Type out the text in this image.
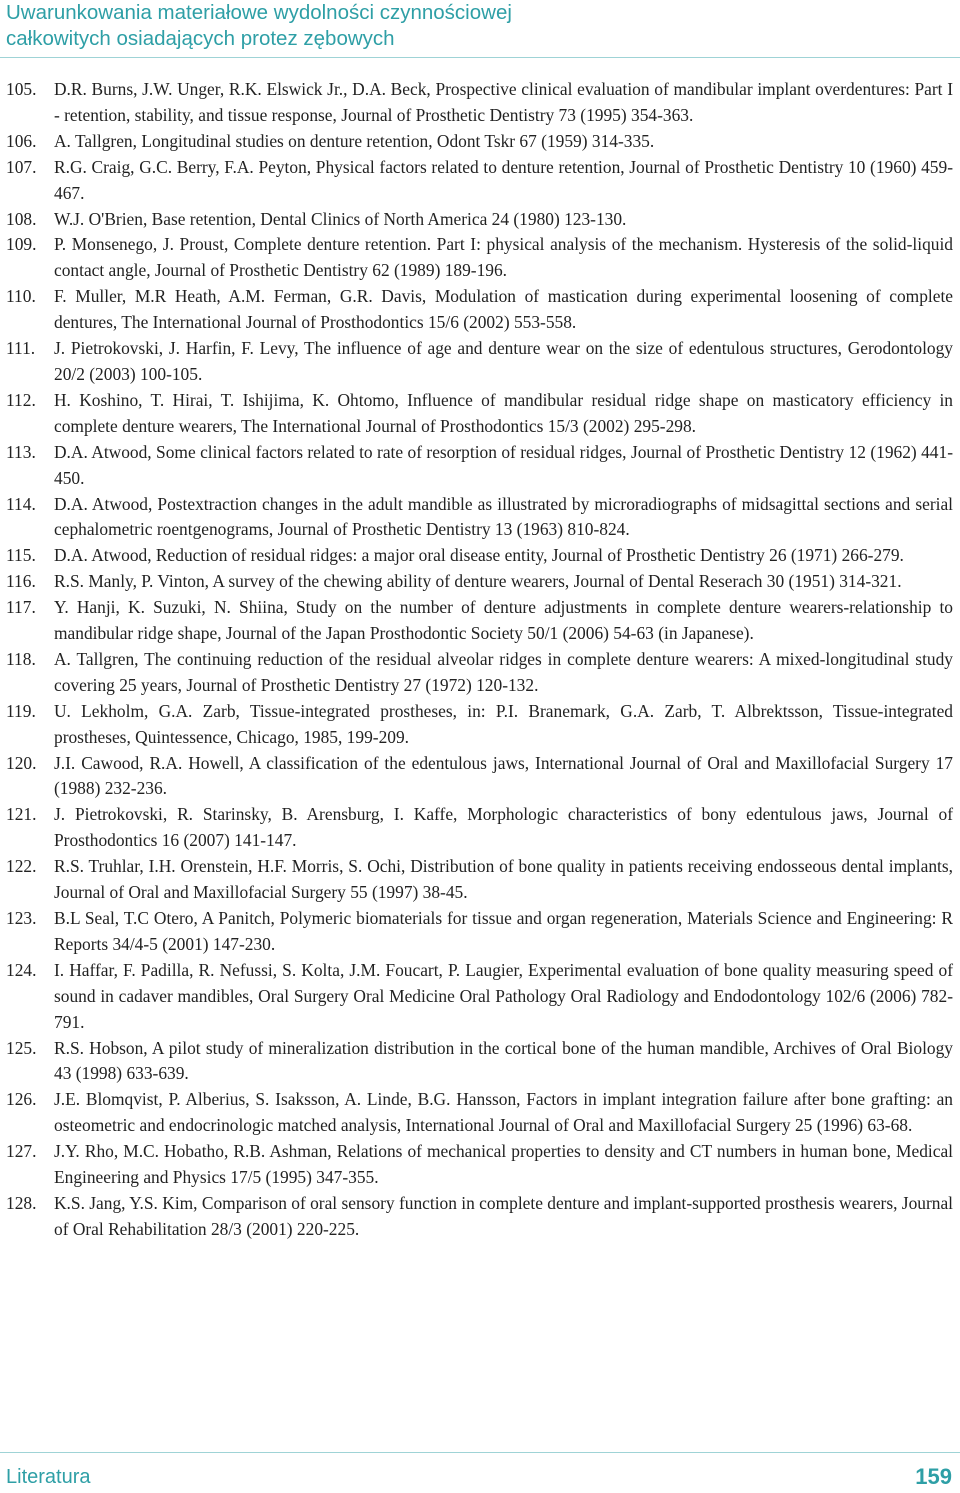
Uwarunkowania materiałowe wydolności czynnościowej
całkowitych osiadających protez zębowych
105. D.R. Burns, J.W. Unger, R.K. Elswick Jr., D.A. Beck, Prospective clinical evaluation of mandibular implant overdentures: Part I - retention, stability, and tissue response, Journal of Prosthetic Dentistry 73 (1995) 354-363.
106. A. Tallgren, Longitudinal studies on denture retention, Odont Tskr 67 (1959) 314-335.
107. R.G. Craig, G.C. Berry, F.A. Peyton, Physical factors related to denture retention, Journal of Prosthetic Dentistry 10 (1960) 459-467.
108. W.J. O'Brien, Base retention, Dental Clinics of North America 24 (1980) 123-130.
109. P. Monsenego, J. Proust, Complete denture retention. Part I: physical analysis of the mechanism. Hysteresis of the solid-liquid contact angle, Journal of Prosthetic Dentistry 62 (1989) 189-196.
110. F. Muller, M.R Heath, A.M. Ferman, G.R. Davis, Modulation of mastication during experimental loosening of complete dentures, The International Journal of Prosthodontics 15/6 (2002) 553-558.
111. J. Pietrokovski, J. Harfin, F. Levy, The influence of age and denture wear on the size of edentulous structures, Gerodontology 20/2 (2003) 100-105.
112. H. Koshino, T. Hirai, T. Ishijima, K. Ohtomo, Influence of mandibular residual ridge shape on masticatory efficiency in complete denture wearers, The International Journal of Prosthodontics 15/3 (2002) 295-298.
113. D.A. Atwood, Some clinical factors related to rate of resorption of residual ridges, Journal of Prosthetic Dentistry 12 (1962) 441-450.
114. D.A. Atwood, Postextraction changes in the adult mandible as illustrated by microradiographs of midsagittal sections and serial cephalometric roentgenograms, Journal of Prosthetic Dentistry 13 (1963) 810-824.
115. D.A. Atwood, Reduction of residual ridges: a major oral disease entity, Journal of Prosthetic Dentistry 26 (1971) 266-279.
116. R.S. Manly, P. Vinton, A survey of the chewing ability of denture wearers, Journal of Dental Reserach 30 (1951) 314-321.
117. Y. Hanji, K. Suzuki, N. Shiina, Study on the number of denture adjustments in complete denture wearers-relationship to mandibular ridge shape, Journal of the Japan Prosthodontic Society 50/1 (2006) 54-63 (in Japanese).
118. A. Tallgren, The continuing reduction of the residual alveolar ridges in complete denture wearers: A mixed-longitudinal study covering 25 years, Journal of Prosthetic Dentistry 27 (1972) 120-132.
119. U. Lekholm, G.A. Zarb, Tissue-integrated prostheses, in: P.I. Branemark, G.A. Zarb, T. Albrektsson, Tissue-integrated prostheses, Quintessence, Chicago, 1985, 199-209.
120. J.I. Cawood, R.A. Howell, A classification of the edentulous jaws, International Journal of Oral and Maxillofacial Surgery 17 (1988) 232-236.
121. J. Pietrokovski, R. Starinsky, B. Arensburg, I. Kaffe, Morphologic characteristics of bony edentulous jaws, Journal of Prosthodontics 16 (2007) 141-147.
122. R.S. Truhlar, I.H. Orenstein, H.F. Morris, S. Ochi, Distribution of bone quality in patients receiving endosseous dental implants, Journal of Oral and Maxillofacial Surgery 55 (1997) 38-45.
123. B.L Seal, T.C Otero, A Panitch, Polymeric biomaterials for tissue and organ regeneration, Materials Science and Engineering: R Reports 34/4-5 (2001) 147-230.
124. I. Haffar, F. Padilla, R. Nefussi, S. Kolta, J.M. Foucart, P. Laugier, Experimental evaluation of bone quality measuring speed of sound in cadaver mandibles, Oral Surgery Oral Medicine Oral Pathology Oral Radiology and Endodontology 102/6 (2006) 782-791.
125. R.S. Hobson, A pilot study of mineralization distribution in the cortical bone of the human mandible, Archives of Oral Biology 43 (1998) 633-639.
126. J.E. Blomqvist, P. Alberius, S. Isaksson, A. Linde, B.G. Hansson, Factors in implant integration failure after bone grafting: an osteometric and endocrinologic matched analysis, International Journal of Oral and Maxillofacial Surgery 25 (1996) 63-68.
127. J.Y. Rho, M.C. Hobatho, R.B. Ashman, Relations of mechanical properties to density and CT numbers in human bone, Medical Engineering and Physics 17/5 (1995) 347-355.
128. K.S. Jang, Y.S. Kim, Comparison of oral sensory function in complete denture and implant-supported prosthesis wearers, Journal of Oral Rehabilitation 28/3 (2001) 220-225.
Literatura	159
